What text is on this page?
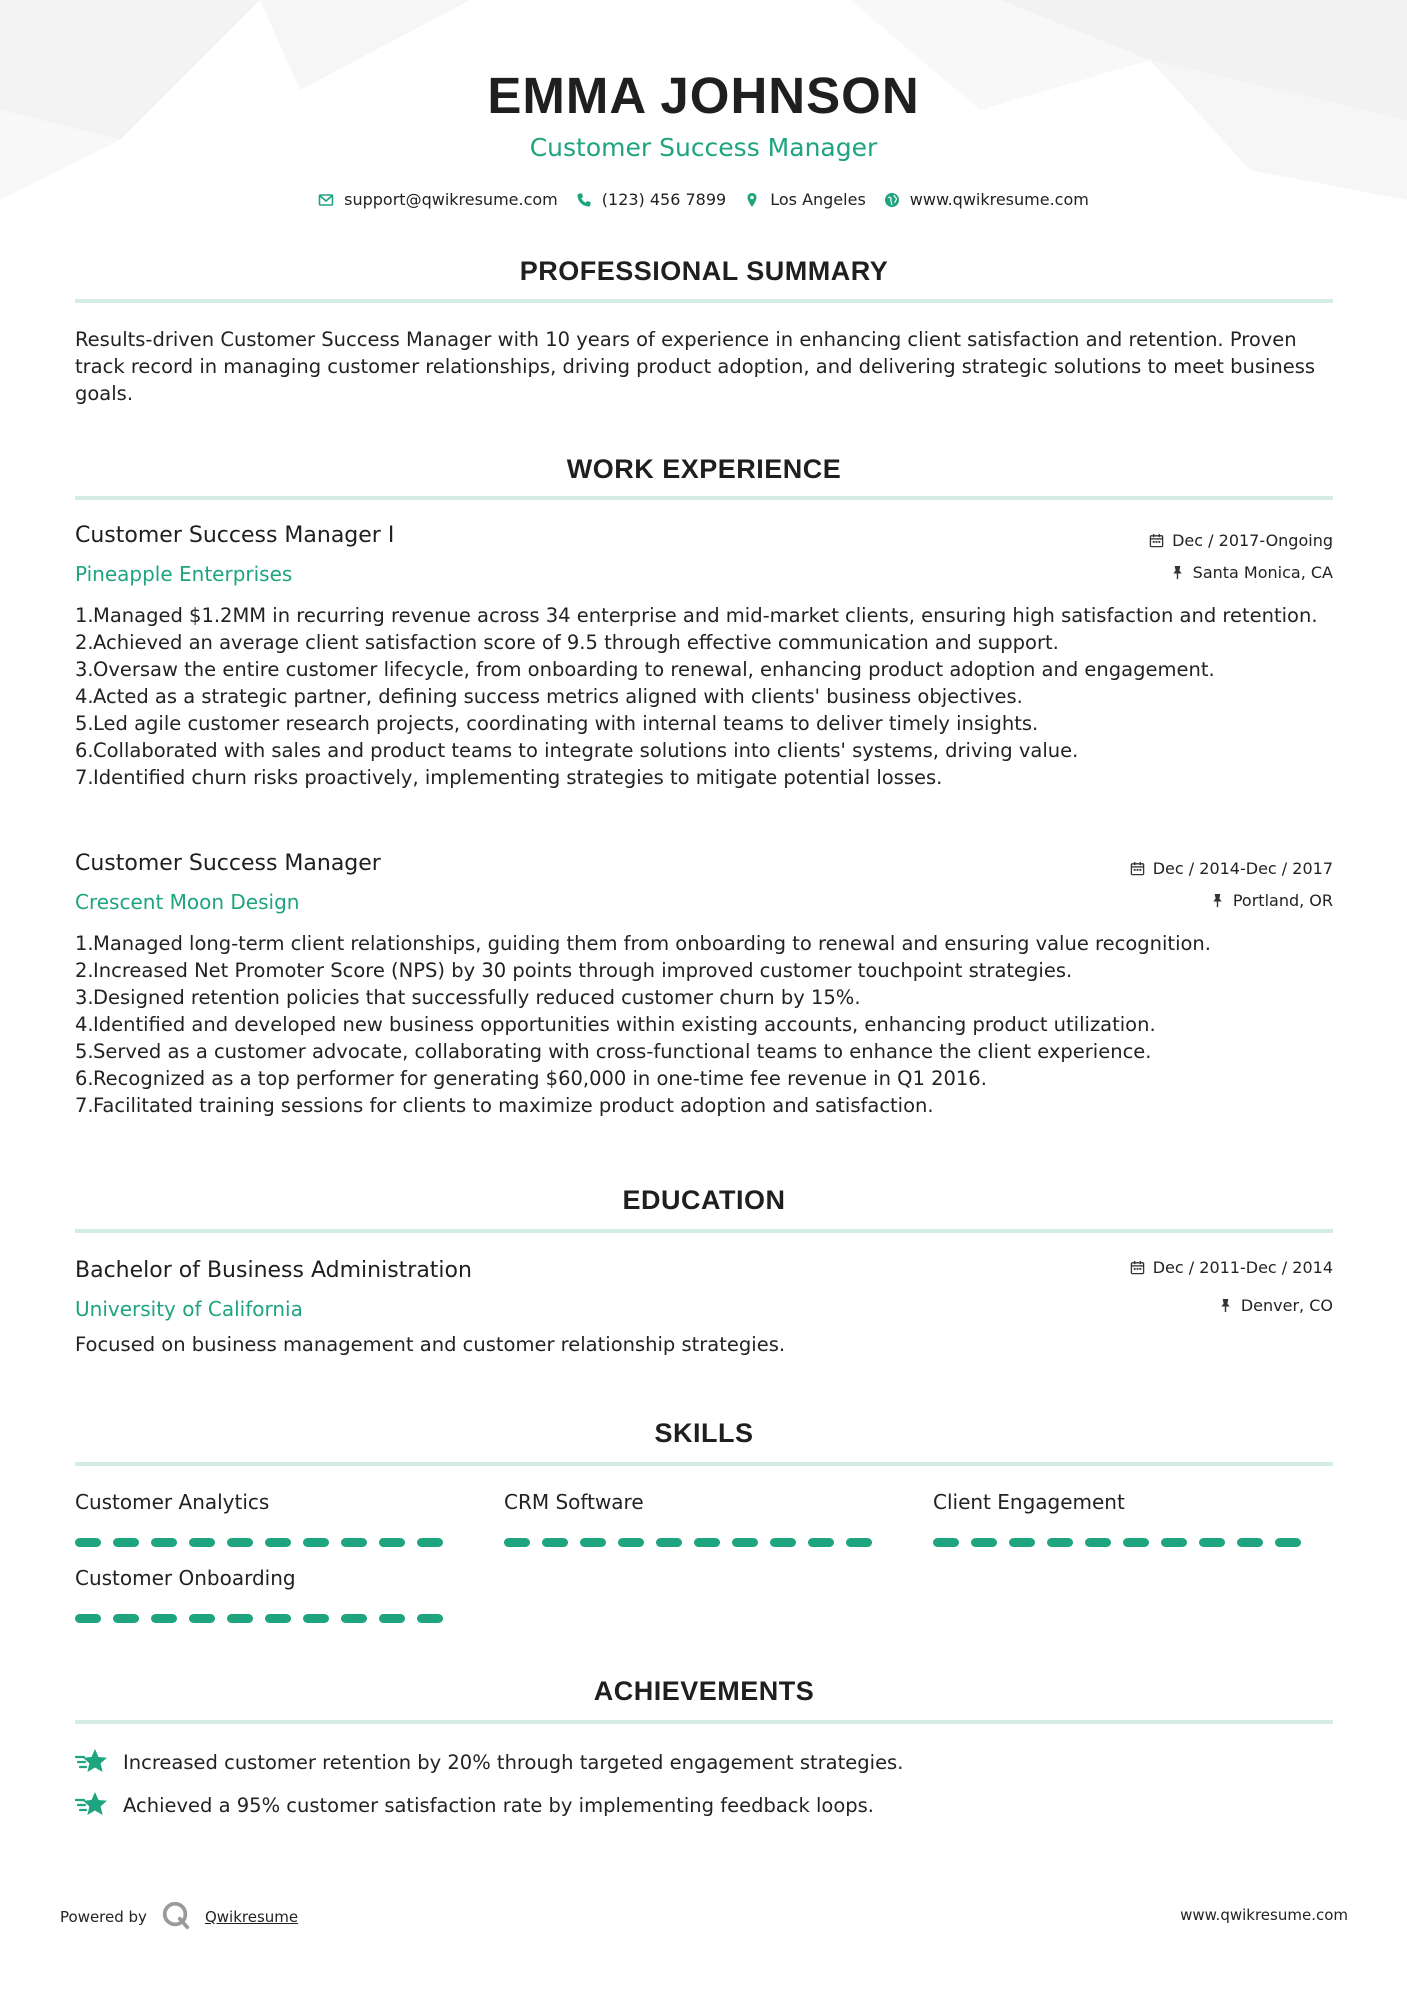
EMMA JOHNSON
Customer Success Manager
support@qwikresume.com	(123) 456 7899	Los Angeles	www.qwikresume.com
PROFESSIONAL SUMMARY
Results-driven Customer Success Manager with 10 years of experience in enhancing client satisfaction and retention. Proven track record in managing customer relationships, driving product adoption, and delivering strategic solutions to meet business goals.
WORK EXPERIENCE
Customer Success Manager I
Pineapple Enterprises
Dec / 2017-Ongoing
Santa Monica, CA
1. Managed $1.2MM in recurring revenue across 34 enterprise and mid-market clients, ensuring high satisfaction and retention.
2. Achieved an average client satisfaction score of 9.5 through effective communication and support.
3. Oversaw the entire customer lifecycle, from onboarding to renewal, enhancing product adoption and engagement.
4. Acted as a strategic partner, defining success metrics aligned with clients' business objectives.
5. Led agile customer research projects, coordinating with internal teams to deliver timely insights.
6. Collaborated with sales and product teams to integrate solutions into clients' systems, driving value.
7. Identified churn risks proactively, implementing strategies to mitigate potential losses.
Customer Success Manager
Crescent Moon Design
Dec / 2014-Dec / 2017
Portland, OR
1. Managed long-term client relationships, guiding them from onboarding to renewal and ensuring value recognition.
2. Increased Net Promoter Score (NPS) by 30 points through improved customer touchpoint strategies.
3. Designed retention policies that successfully reduced customer churn by 15%.
4. Identified and developed new business opportunities within existing accounts, enhancing product utilization.
5. Served as a customer advocate, collaborating with cross-functional teams to enhance the client experience.
6. Recognized as a top performer for generating $60,000 in one-time fee revenue in Q1 2016.
7. Facilitated training sessions for clients to maximize product adoption and satisfaction.
EDUCATION
Bachelor of Business Administration
University of California
Dec / 2011-Dec / 2014
Denver, CO
Focused on business management and customer relationship strategies.
SKILLS
Customer Analytics	CRM Software	Client Engagement
Customer Onboarding
ACHIEVEMENTS
Increased customer retention by 20% through targeted engagement strategies.
Achieved a 95% customer satisfaction rate by implementing feedback loops.
Powered by	Qwikresume	www.qwikresume.com
